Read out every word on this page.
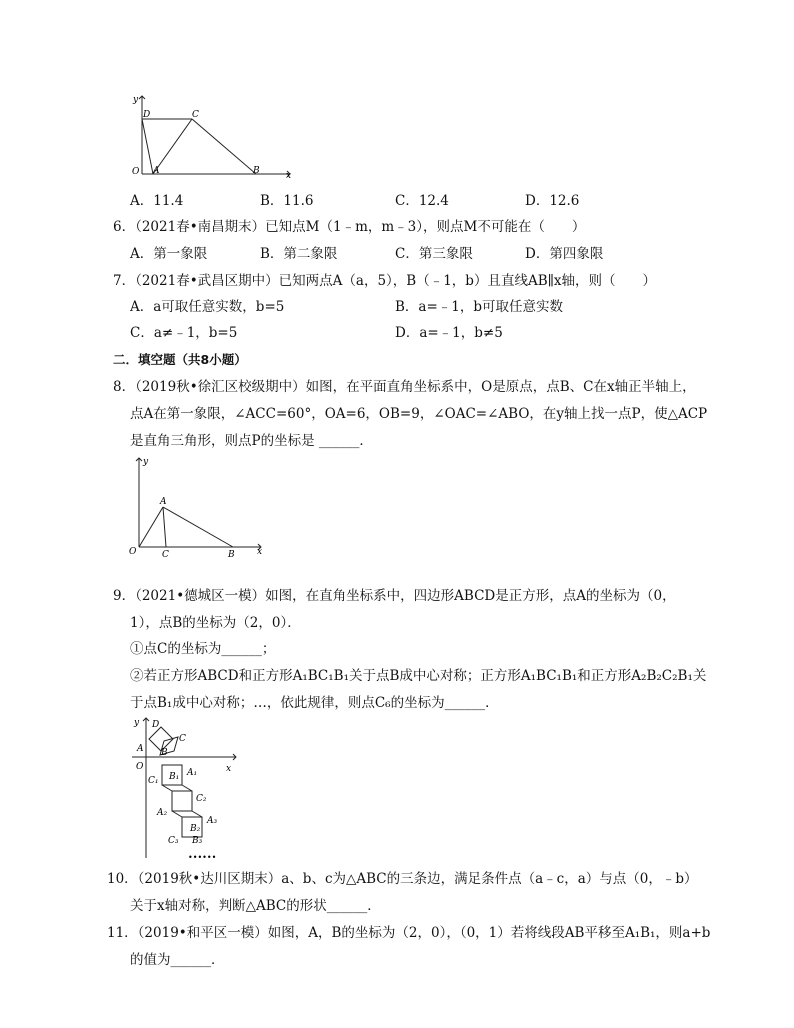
y
x
D	C
O A	B
A．11.4	B．11.6	C．12.4	D．12.6
6．（2021春•南昌期末）已知点M（1﹣m，m﹣3），则点M不可能在（　　）
A．第一象限	B．第二象限	C．第三象限	D．第四象限
7．（2021春•武昌区期中）已知两点A（a，5），B（﹣1，b）且直线AB∥x轴，则（　　）
A．a可取任意实数，b=5	B．a=﹣1，b可取任意实数
C．a≠﹣1，b=5	D．a=﹣1，b≠5
二．填空题（共8小题）
8．（2019秋•徐汇区校级期中）如图，在平面直角坐标系中，O是原点，点B、C在x轴正半轴上，
点A在第一象限，∠ACC=60°，OA=6，OB=9，∠OAC=∠ABO，在y轴上找一点P，使△ACP
是直角三角形，则点P的坐标是 ______．
y
A
O	C	B x
9．（2021•德城区一模）如图，在直角坐标系中，四边形ABCD是正方形，点A的坐标为（0，
1），点B的坐标为（2，0）．
①点C的坐标为______；
②若正方形ABCD和正方形A₁BC₁B₁关于点B成中心对称；正方形A₁BC₁B₁和正方形A₂B₂C₂B₁关
于点B₁成中心对称；…，依此规律，则点C₆的坐标为______．
y D
C
A B
O	x
C₁ B₁ A₁
C₂
A₂
B₂
A₃
C₃ B₃
••••••
10．（2019秋•达川区期末）a、b、c为△ABC的三条边，满足条件点（a﹣c，a）与点（0，﹣b）
关于x轴对称，判断△ABC的形状______．
11．（2019•和平区一模）如图，A，B的坐标为（2，0），（0，1）若将线段AB平移至A₁B₁，则a+b
的值为______．
